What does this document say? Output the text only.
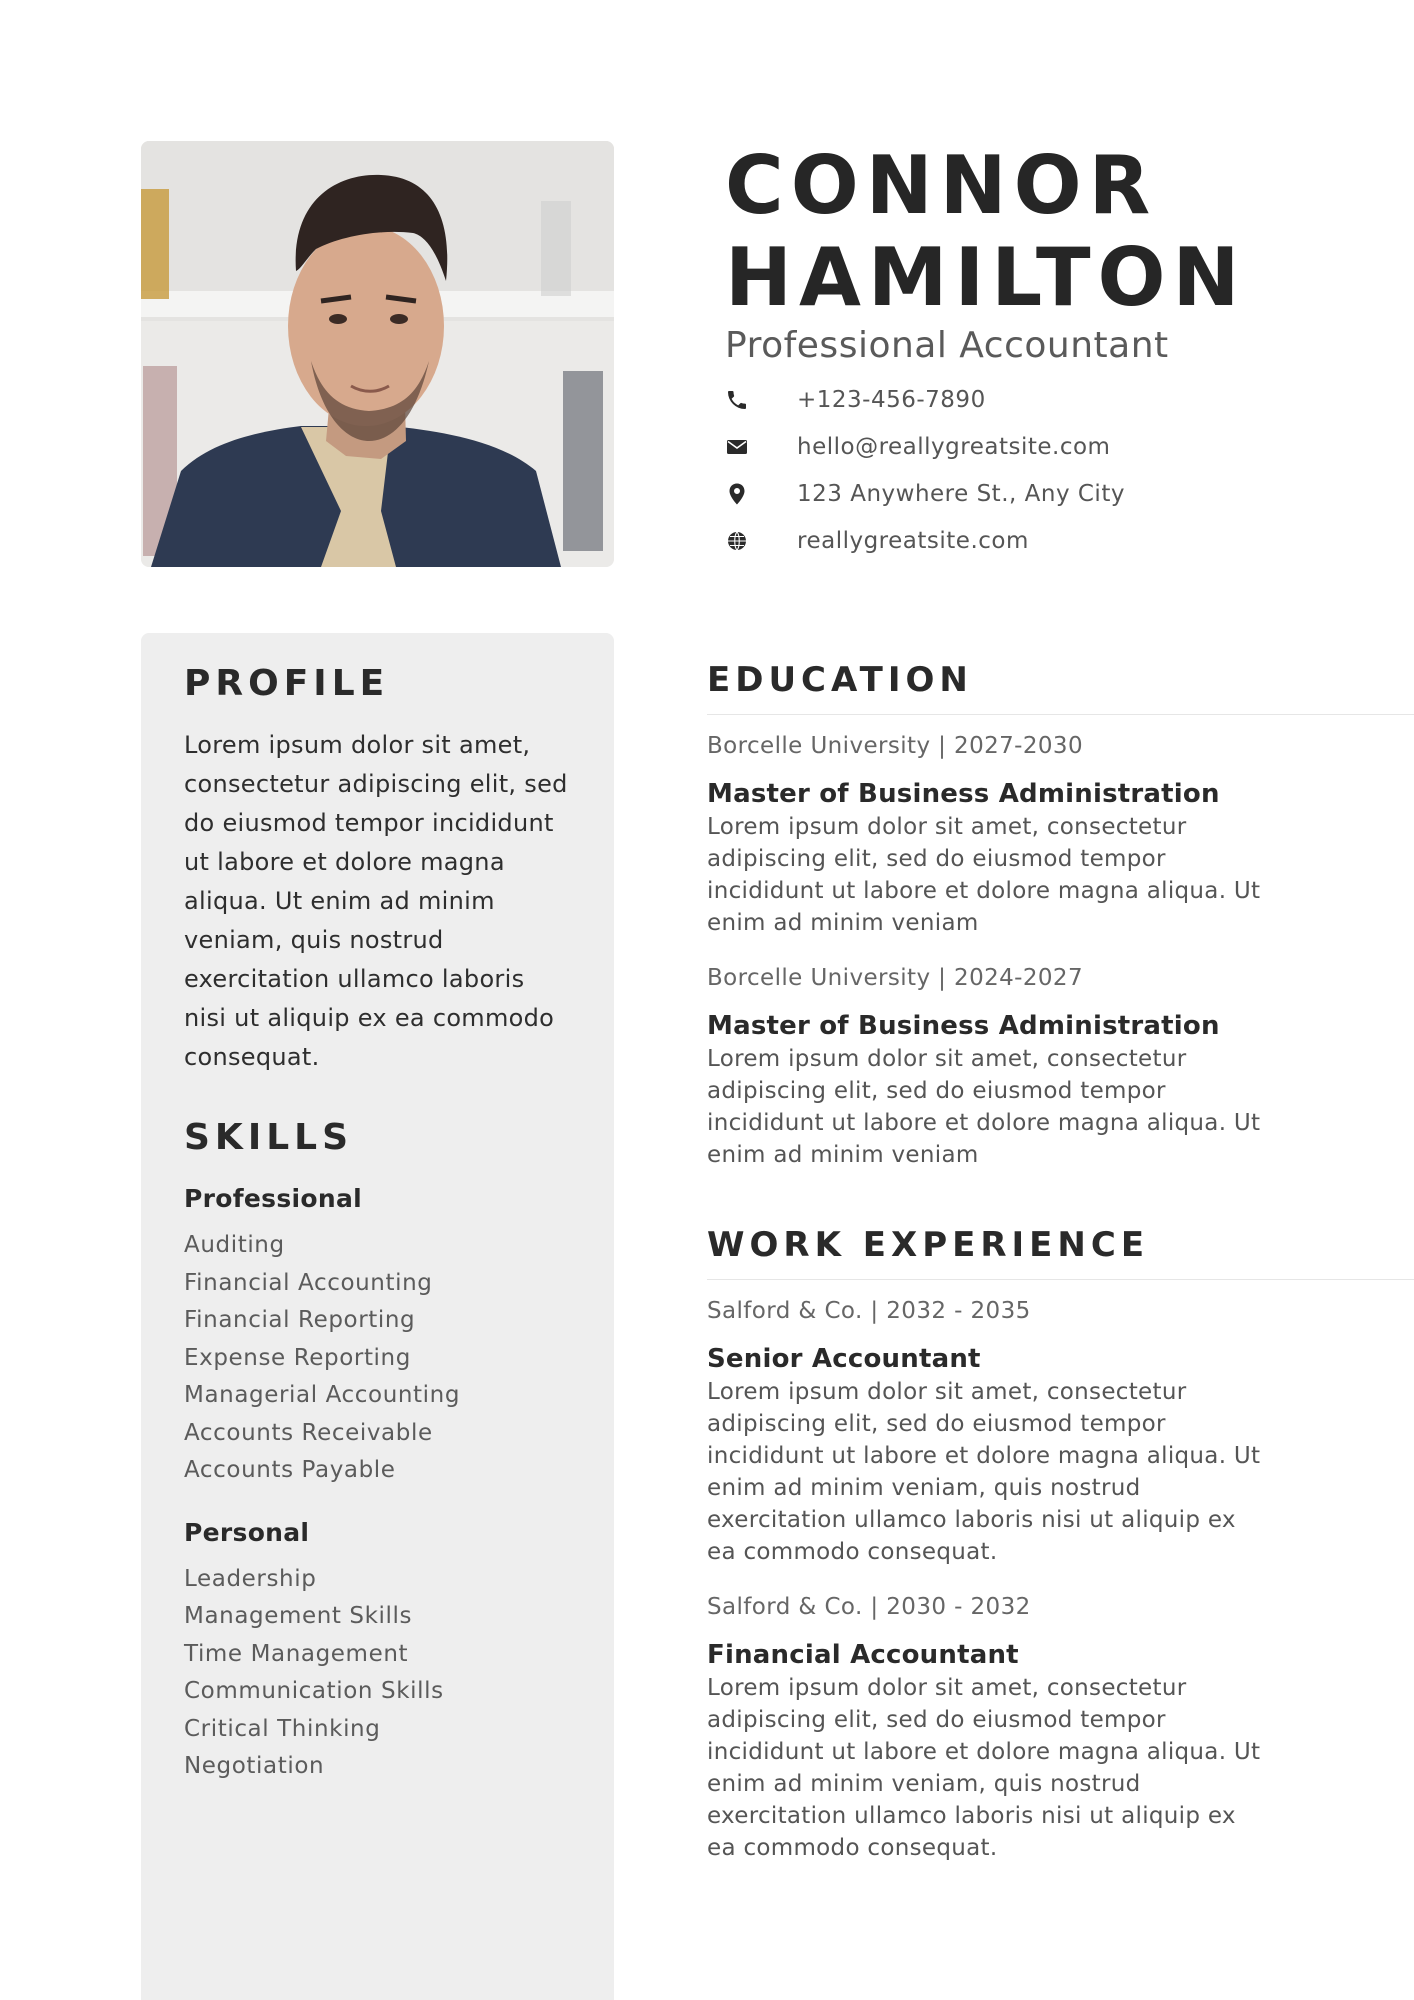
CONNOR
HAMILTON
Professional Accountant
+123-456-7890
hello@reallygreatsite.com
123 Anywhere St., Any City
reallygreatsite.com
PROFILE
Lorem ipsum dolor sit amet, consectetur adipiscing elit, sed do eiusmod tempor incididunt ut labore et dolore magna aliqua. Ut enim ad minim veniam, quis nostrud exercitation ullamco laboris nisi ut aliquip ex ea commodo consequat.
SKILLS
Professional
Auditing
Financial Accounting
Financial Reporting
Expense Reporting
Managerial Accounting
Accounts Receivable
Accounts Payable
Personal
Leadership
Management Skills
Time Management
Communication Skills
Critical Thinking
Negotiation
EDUCATION
Borcelle University | 2027-2030
Master of Business Administration
Lorem ipsum dolor sit amet, consectetur adipiscing elit, sed do eiusmod tempor incididunt ut labore et dolore magna aliqua. Ut enim ad minim veniam
Borcelle University | 2024-2027
Master of Business Administration
Lorem ipsum dolor sit amet, consectetur adipiscing elit, sed do eiusmod tempor incididunt ut labore et dolore magna aliqua. Ut enim ad minim veniam
WORK EXPERIENCE
Salford & Co. | 2032 - 2035
Senior Accountant
Lorem ipsum dolor sit amet, consectetur adipiscing elit, sed do eiusmod tempor incididunt ut labore et dolore magna aliqua. Ut enim ad minim veniam, quis nostrud exercitation ullamco laboris nisi ut aliquip ex ea commodo consequat.
Salford & Co. | 2030 - 2032
Financial Accountant
Lorem ipsum dolor sit amet, consectetur adipiscing elit, sed do eiusmod tempor incididunt ut labore et dolore magna aliqua. Ut enim ad minim veniam, quis nostrud exercitation ullamco laboris nisi ut aliquip ex ea commodo consequat.
